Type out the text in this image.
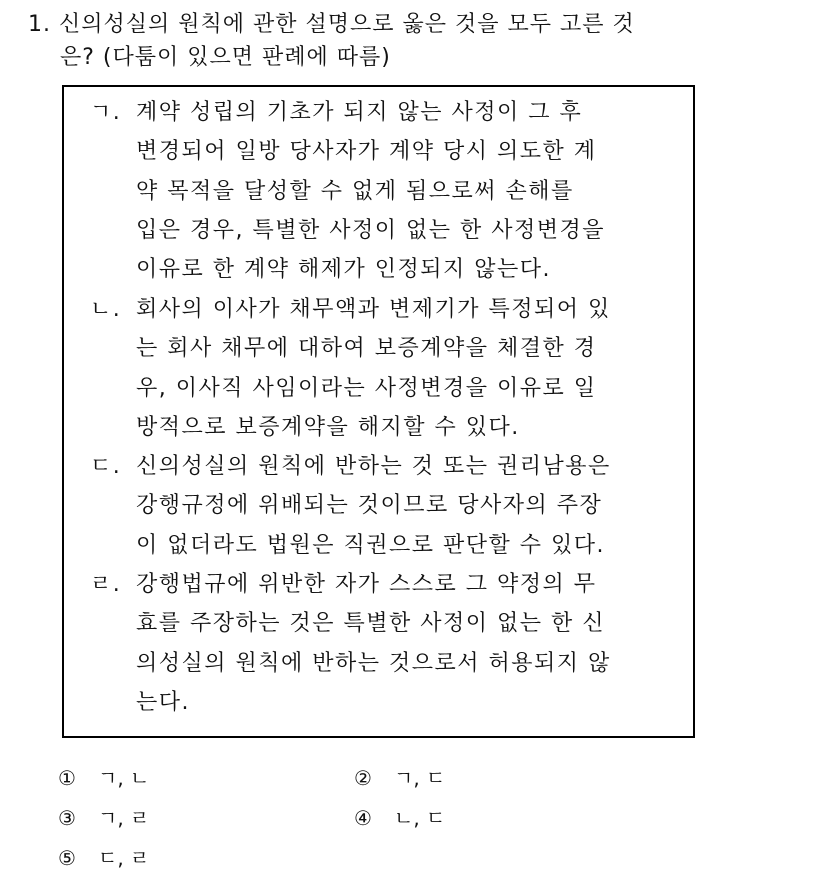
1. 신의성실의 원칙에 관한 설명으로 옳은 것을 모두 고른 것
은? (다툼이 있으면 판례에 따름)
ㄱ. 계약 성립의 기초가 되지 않는 사정이 그 후
변경되어 일방 당사자가 계약 당시 의도한 계
약 목적을 달성할 수 없게 됨으로써 손해를
입은 경우, 특별한 사정이 없는 한 사정변경을
이유로 한 계약 해제가 인정되지 않는다.
ㄴ. 회사의 이사가 채무액과 변제기가 특정되어 있
는 회사 채무에 대하여 보증계약을 체결한 경
우, 이사직 사임이라는 사정변경을 이유로 일
방적으로 보증계약을 해지할 수 있다.
ㄷ. 신의성실의 원칙에 반하는 것 또는 권리남용은
강행규정에 위배되는 것이므로 당사자의 주장
이 없더라도 법원은 직권으로 판단할 수 있다.
ㄹ. 강행법규에 위반한 자가 스스로 그 약정의 무
효를 주장하는 것은 특별한 사정이 없는 한 신
의성실의 원칙에 반하는 것으로서 허용되지 않
는다.
① ㄱ, ㄴ	② ㄱ, ㄷ
③ ㄱ, ㄹ	④ ㄴ, ㄷ
⑤ ㄷ, ㄹ
